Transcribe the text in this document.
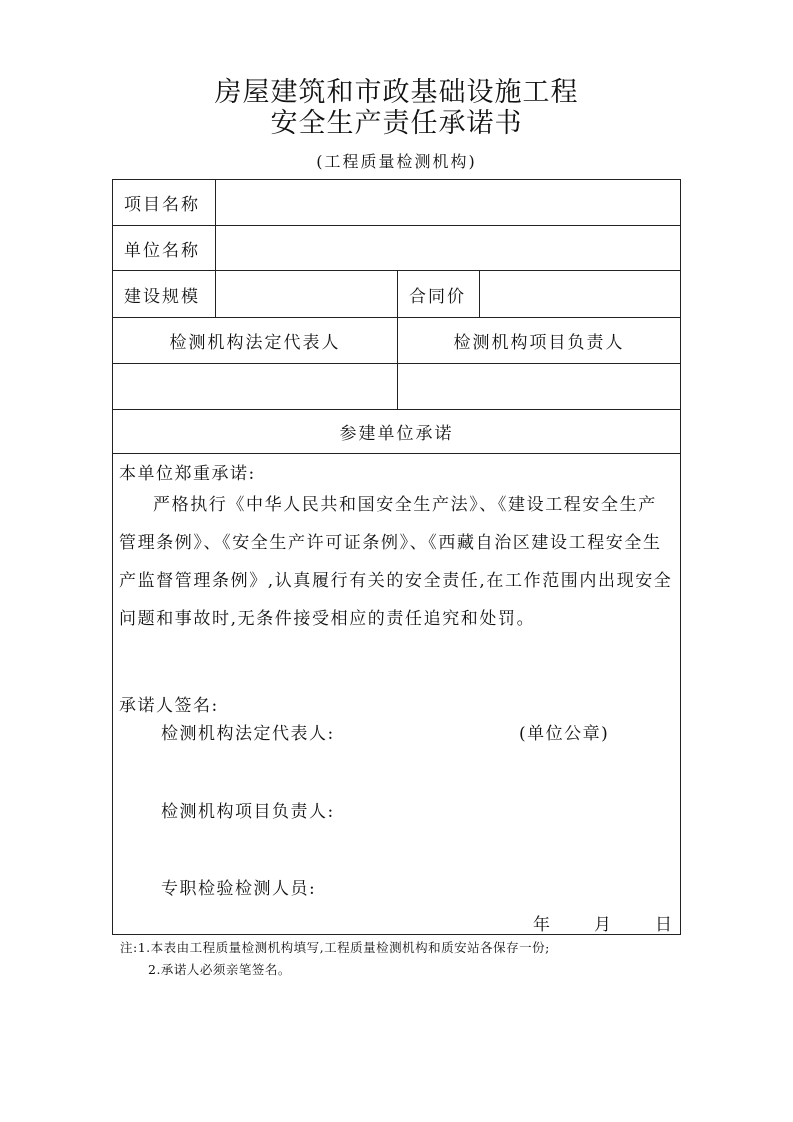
房屋建筑和市政基础设施工程
安全生产责任承诺书
(工程质量检测机构)
项目名称
单位名称
建设规模	合同价
检测机构法定代表人	检测机构项目负责人
参建单位承诺
本单位郑重承诺:
严格执行《中华人民共和国安全生产法》、《建设工程安全生产管理条例》、《安全生产许可证条例》、《西藏自治区建设工程安全生产监督管理条例》,认真履行有关的安全责任,在工作范围内出现安全问题和事故时,无条件接受相应的责任追究和处罚。
承诺人签名:
检测机构法定代表人:	(单位公章)
检测机构项目负责人:
专职检验检测人员:
年	月	日
注:1.本表由工程质量检测机构填写,工程质量检测机构和质安站各保存一份;
2.承诺人必须亲笔签名。
